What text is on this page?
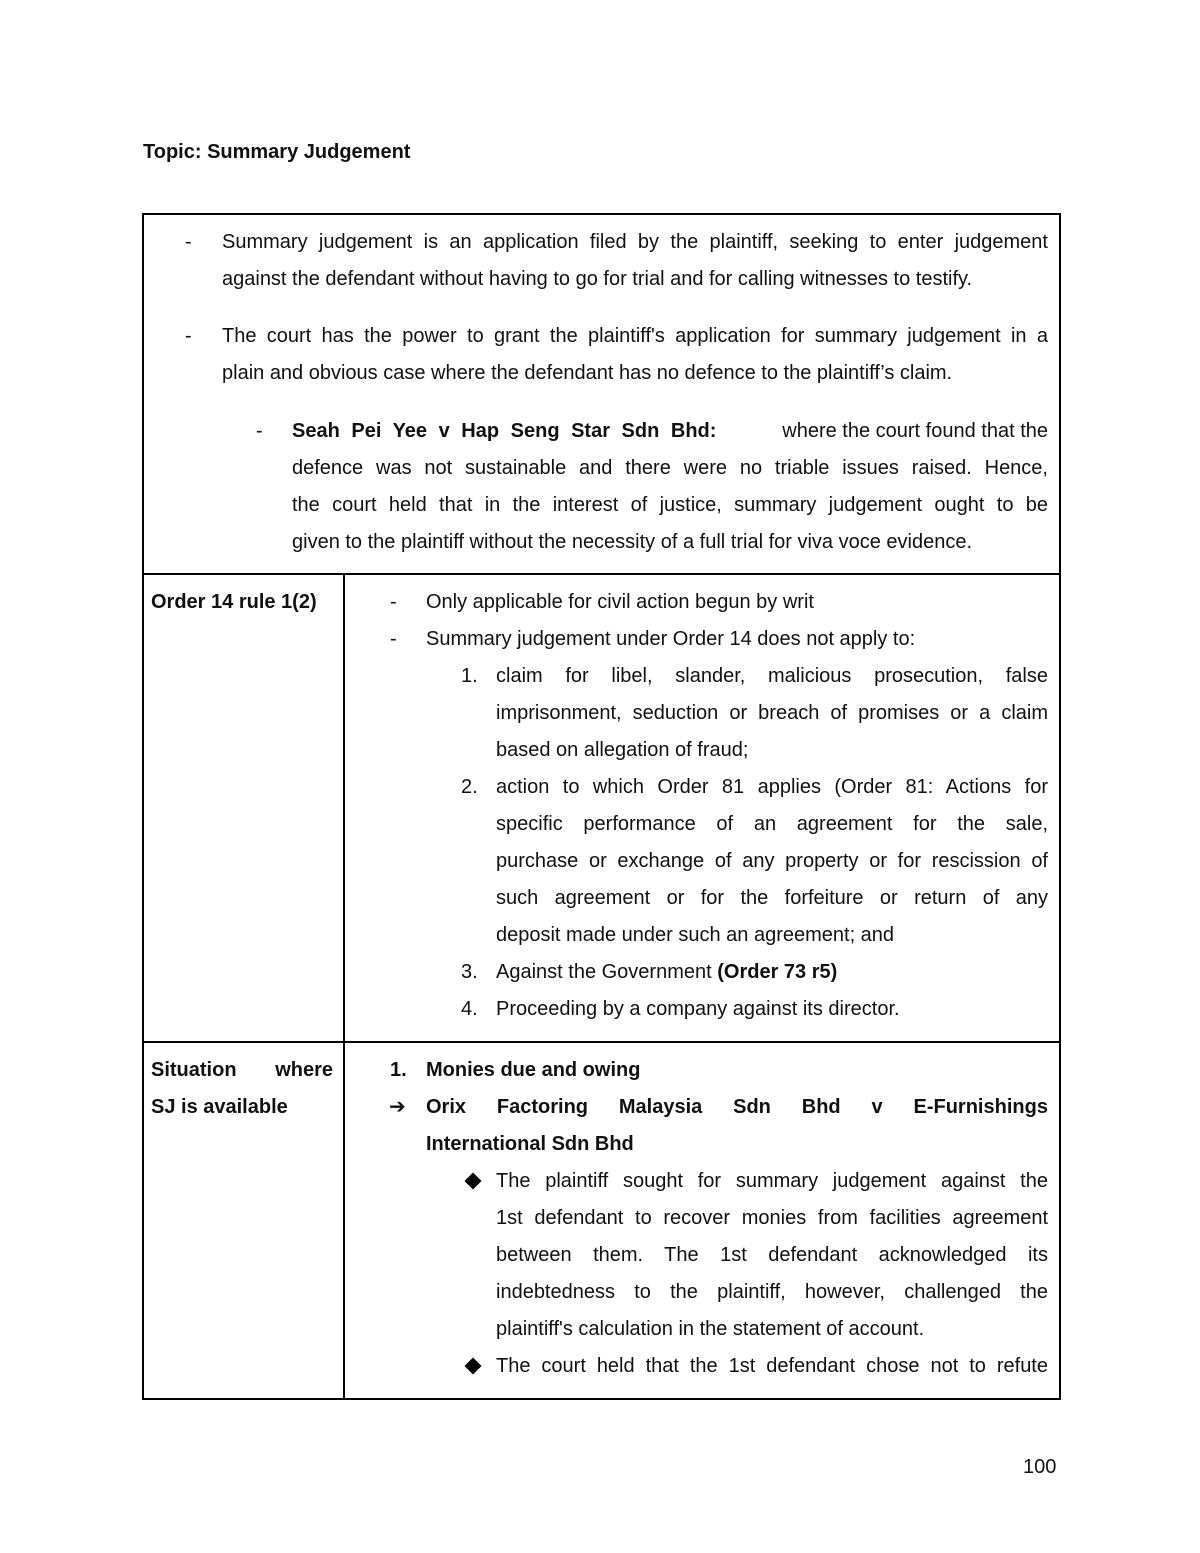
Topic: Summary Judgement
- Summary judgement is an application filed by the plaintiff, seeking to enter judgement
against the defendant without having to go for trial and for calling witnesses to testify.
- The court has the power to grant the plaintiff's application for summary judgement in a
plain and obvious case where the defendant has no defence to the plaintiff’s claim.
- Seah Pei Yee v Hap Seng Star Sdn Bhd:	where the court found that the
defence was not sustainable and there were no triable issues raised. Hence,
the court held that in the interest of justice, summary judgement ought to be
given to the plaintiff without the necessity of a full trial for viva voce evidence.
Order 14 rule 1(2)	- Only applicable for civil action begun by writ
- Summary judgement under Order 14 does not apply to:
1. claim for libel, slander, malicious prosecution, false
imprisonment, seduction or breach of promises or a claim
based on allegation of fraud;
2. action to which Order 81 applies (Order 81: Actions for
specific performance of an agreement for the sale,
purchase or exchange of any property or for rescission of
such agreement or for the forfeiture or return of any
deposit made under such an agreement; and
3. Against the Government (Order 73 r5)
4. Proceeding by a company against its director.
Situation where
SJ is available
1. Monies due and owing
➔ Orix Factoring Malaysia Sdn Bhd v E-Furnishings
International Sdn Bhd
The plaintiff sought for summary judgement against the
1st defendant to recover monies from facilities agreement
between them. The 1st defendant acknowledged its
indebtedness to the plaintiff, however, challenged the
plaintiff's calculation in the statement of account.
The court held that the 1st defendant chose not to refute
100
